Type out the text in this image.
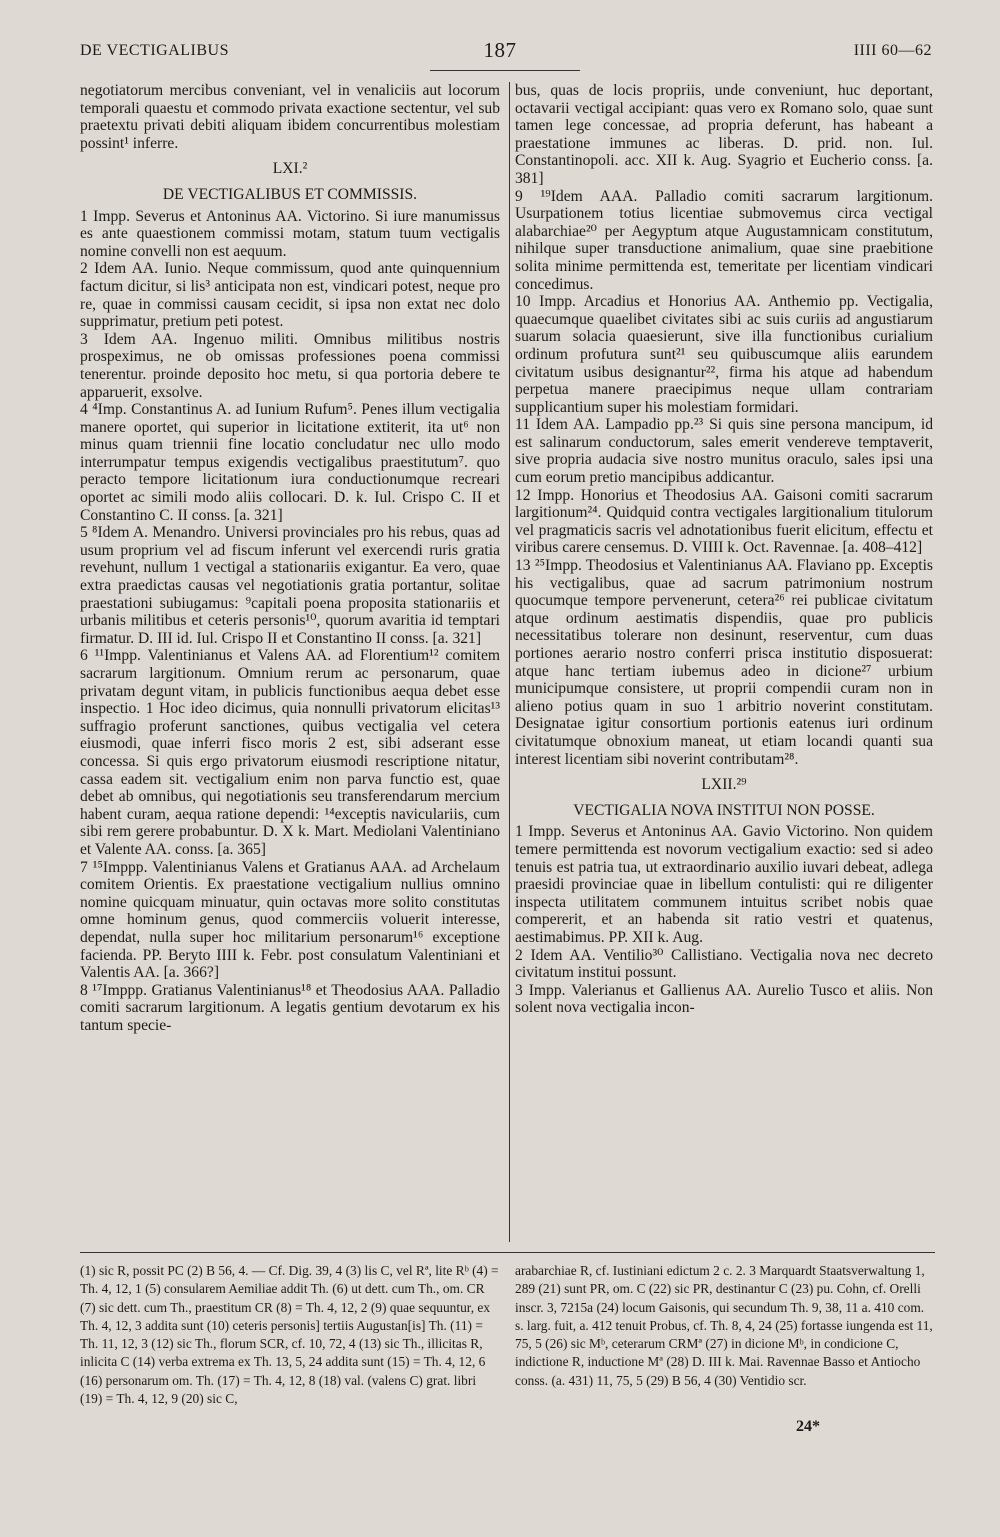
DE VECTIGALIBUS	187	IIII 60—62

negotiatorum mercibus conveniant, vel in venaliciis aut locorum temporali quaestu et commodo privata exactione sectentur, vel sub praetextu privati debiti aliquam ibidem concurrentibus molestiam possint¹ inferre.

LXI.²

DE VECTIGALIBUS ET COMMISSIS.

1 Impp. Severus et Antoninus AA. Victorino. Si iure manumissus es ante quaestionem commissi motam, statum tuum vectigalis nomine convelli non est aequum.

2 Idem AA. Iunio. Neque commissum, quod ante quinquennium factum dicitur, si lis³ anticipata non est, vindicari potest, neque pro re, quae in commissi causam cecidit, si ipsa non extat nec dolo supprimatur, pretium peti potest.

3 Idem AA. Ingenuo militi. Omnibus militibus nostris prospeximus, ne ob omissas professiones poena commissi tenerentur. proinde deposito hoc metu, si qua portoria debere te apparuerit, exsolve.

4 ⁴Imp. Constantinus A. ad Iunium Rufum⁵. Penes illum vectigalia manere oportet, qui superior in licitatione extiterit, ita ut⁶ non minus quam triennii fine locatio concludatur nec ullo modo interrumpatur tempus exigendis vectigalibus praestitutum⁷. quo peracto tempore licitationum iura conductionumque recreari oportet ac simili modo aliis collocari. D. k. Iul. Crispo C. II et Constantino C. II conss. [a. 321]

5 ⁸Idem A. Menandro. Universi provinciales pro his rebus, quas ad usum proprium vel ad fiscum inferunt vel exercendi ruris gratia revehunt, nullum 1 vectigal a stationariis exigantur. Ea vero, quae extra praedictas causas vel negotiationis gratia portantur, solitae praestationi subiugamus: ⁹capitali poena proposita stationariis et urbanis militibus et ceteris personis¹⁰, quorum avaritia id temptari firmatur. D. III id. Iul. Crispo II et Constantino II conss. [a. 321]

6 ¹¹Impp. Valentinianus et Valens AA. ad Florentium¹² comitem sacrarum largitionum. Omnium rerum ac personarum, quae privatam degunt vitam, in publicis functionibus aequa debet esse inspectio. 1 Hoc ideo dicimus, quia nonnulli privatorum elicitas¹³ suffragio proferunt sanctiones, quibus vectigalia vel cetera eiusmodi, quae inferri fisco moris 2 est, sibi adserant esse concessa. Si quis ergo privatorum eiusmodi rescriptione nitatur, cassa eadem sit. vectigalium enim non parva functio est, quae debet ab omnibus, qui negotiationis seu transferendarum mercium habent curam, aequa ratione dependi: ¹⁴exceptis naviculariis, cum sibi rem gerere probabuntur. D. X k. Mart. Mediolani Valentiniano et Valente AA. conss. [a. 365]

7 ¹⁵Imppp. Valentinianus Valens et Gratianus AAA. ad Archelaum comitem Orientis. Ex praestatione vectigalium nullius omnino nomine quicquam minuatur, quin octavas more solito constitutas omne hominum genus, quod commerciis voluerit interesse, dependat, nulla super hoc militarium personarum¹⁶ exceptione facienda. PP. Beryto IIII k. Febr. post consulatum Valentiniani et Valentis AA. [a. 366?]

8 ¹⁷Imppp. Gratianus Valentinianus¹⁸ et Theodosius AAA. Palladio comiti sacrarum largitionum. A legatis gentium devotarum ex his tantum specie-

bus, quas de locis propriis, unde conveniunt, huc deportant, octavarii vectigal accipiant: quas vero ex Romano solo, quae sunt tamen lege concessae, ad propria deferunt, has habeant a praestatione immunes ac liberas. D. prid. non. Iul. Constantinopoli. acc. XII k. Aug. Syagrio et Eucherio conss. [a. 381]

9 ¹⁹Idem AAA. Palladio comiti sacrarum largitionum. Usurpationem totius licentiae submovemus circa vectigal alabarchiae²⁰ per Aegyptum atque Augustamnicam constitutum, nihilque super transductione animalium, quae sine praebitione solita minime permittenda est, temeritate per licentiam vindicari concedimus.

10 Impp. Arcadius et Honorius AA. Anthemio pp. Vectigalia, quaecumque quaelibet civitates sibi ac suis curiis ad angustiarum suarum solacia quaesierunt, sive illa functionibus curialium ordinum profutura sunt²¹ seu quibuscumque aliis earundem civitatum usibus designantur²², firma his atque ad habendum perpetua manere praecipimus neque ullam contrariam supplicantium super his molestiam formidari.

11 Idem AA. Lampadio pp.²³ Si quis sine persona mancipum, id est salinarum conductorum, sales emerit vendereve temptaverit, sive propria audacia sive nostro munitus oraculo, sales ipsi una cum eorum pretio mancipibus addicantur.

12 Impp. Honorius et Theodosius AA. Gaisoni comiti sacrarum largitionum²⁴. Quidquid contra vectigales largitionalium titulorum vel pragmaticis sacris vel adnotationibus fuerit elicitum, effectu et viribus carere censemus. D. VIIII k. Oct. Ravennae. [a. 408–412]

13 ²⁵Impp. Theodosius et Valentinianus AA. Flaviano pp. Exceptis his vectigalibus, quae ad sacrum patrimonium nostrum quocumque tempore pervenerunt, cetera²⁶ rei publicae civitatum atque ordinum aestimatis dispendiis, quae pro publicis necessitatibus tolerare non desinunt, reserventur, cum duas portiones aerario nostro conferri prisca institutio disposuerat: atque hanc tertiam iubemus adeo in dicione²⁷ urbium municipumque consistere, ut proprii compendii curam non in alieno potius quam in suo 1 arbitrio noverint constitutam. Designatae igitur consortium portionis eatenus iuri ordinum civitatumque obnoxium maneat, ut etiam locandi quanti sua interest licentiam sibi noverint contributam²⁸.

LXII.²⁹

VECTIGALIA NOVA INSTITUI NON POSSE.

1 Impp. Severus et Antoninus AA. Gavio Victorino. Non quidem temere permittenda est novorum vectigalium exactio: sed si adeo tenuis est patria tua, ut extraordinario auxilio iuvari debeat, adlega praesidi provinciae quae in libellum contulisti: qui re diligenter inspecta utilitatem communem intuitus scribet nobis quae compererit, et an habenda sit ratio vestri et quatenus, aestimabimus. PP. XII k. Aug.

2 Idem AA. Ventilio³⁰ Callistiano. Vectigalia nova nec decreto civitatum institui possunt.

3 Impp. Valerianus et Gallienus AA. Aurelio Tusco et aliis. Non solent nova vectigalia incon-

(1) sic R, possit PC (2) B 56, 4. — Cf. Dig. 39, 4 (3) lis C, vel Rª, lite Rᵇ (4) = Th. 4, 12, 1 (5) consularem Aemiliae addit Th. (6) ut dett. cum Th., om. CR (7) sic dett. cum Th., praestitum CR (8) = Th. 4, 12, 2 (9) quae sequuntur, ex Th. 4, 12, 3 addita sunt (10) ceteris personis] tertiis Augustan[is] Th. (11) = Th. 11, 12, 3 (12) sic Th., florum SCR, cf. 10, 72, 4 (13) sic Th., illicitas R, inlicita C (14) verba extrema ex Th. 13, 5, 24 addita sunt (15) = Th. 4, 12, 6 (16) personarum om. Th. (17) = Th. 4, 12, 8 (18) val. (valens C) grat. libri (19) = Th. 4, 12, 9 (20) sic C,

arabarchiae R, cf. Iustiniani edictum 2 c. 2. 3 Marquardt Staatsverwaltung 1, 289 (21) sunt PR, om. C (22) sic PR, destinantur C (23) pu. Cohn, cf. Orelli inscr. 3, 7215a (24) locum Gaisonis, qui secundum Th. 9, 38, 11 a. 410 com. s. larg. fuit, a. 412 tenuit Probus, cf. Th. 8, 4, 24 (25) fortasse iungenda est 11, 75, 5 (26) sic Mᵇ, ceterarum CRMª (27) in dicione Mᵇ, in condicione C, indictione R, inductione Mª (28) D. III k. Mai. Ravennae Basso et Antiocho conss. (a. 431) 11, 75, 5 (29) B 56, 4 (30) Ventidio scr.

24*
